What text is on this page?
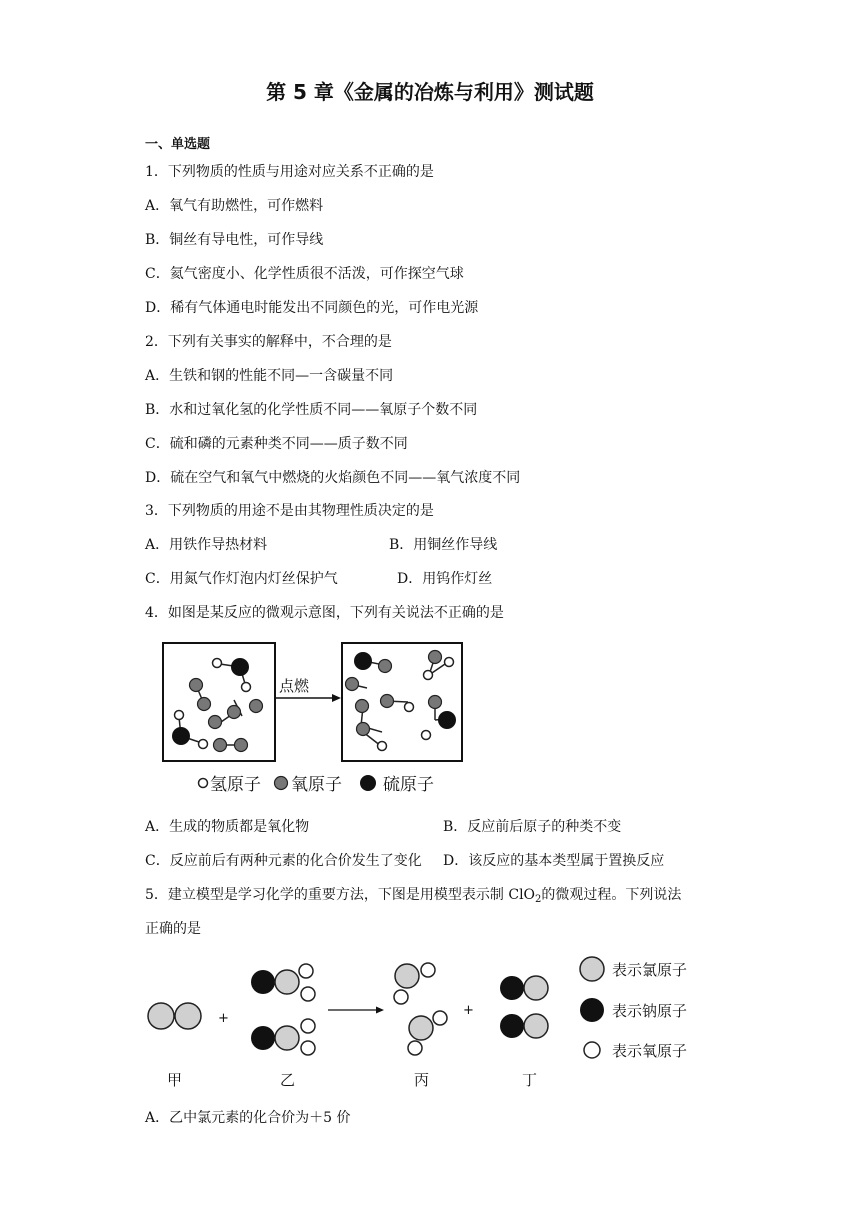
第 5 章《金属的冶炼与利用》测试题
一、单选题
1．下列物质的性质与用途对应关系不正确的是
A．氧气有助燃性，可作燃料
B．铜丝有导电性，可作导线
C．氦气密度小、化学性质很不活泼，可作探空气球
D．稀有气体通电时能发出不同颜色的光，可作电光源
2．下列有关事实的解释中，不合理的是
A．生铁和钢的性能不同—一含碳量不同
B．水和过氧化氢的化学性质不同——氧原子个数不同
C．硫和磷的元素种类不同——质子数不同
D．硫在空气和氧气中燃烧的火焰颜色不同——氧气浓度不同
3．下列物质的用途不是由其物理性质决定的是
A．用铁作导热材料	B．用铜丝作导线
C．用氮气作灯泡内灯丝保护气	D．用钨作灯丝
4．如图是某反应的微观示意图，下列有关说法不正确的是
点燃
氢原子 氧原子 硫原子
A．生成的物质都是氧化物	B．反应前后原子的种类不变
C．反应前后有两种元素的化合价发生了变化 D．该反应的基本类型属于置换反应
5．建立模型是学习化学的重要方法，下图是用模型表示制 ClO$_2$的微观过程。下列说法
正确的是
+
+
甲	乙	丙	丁
表示氯原子
表示钠原子
表示氧原子
A．乙中氯元素的化合价为＋5 价
